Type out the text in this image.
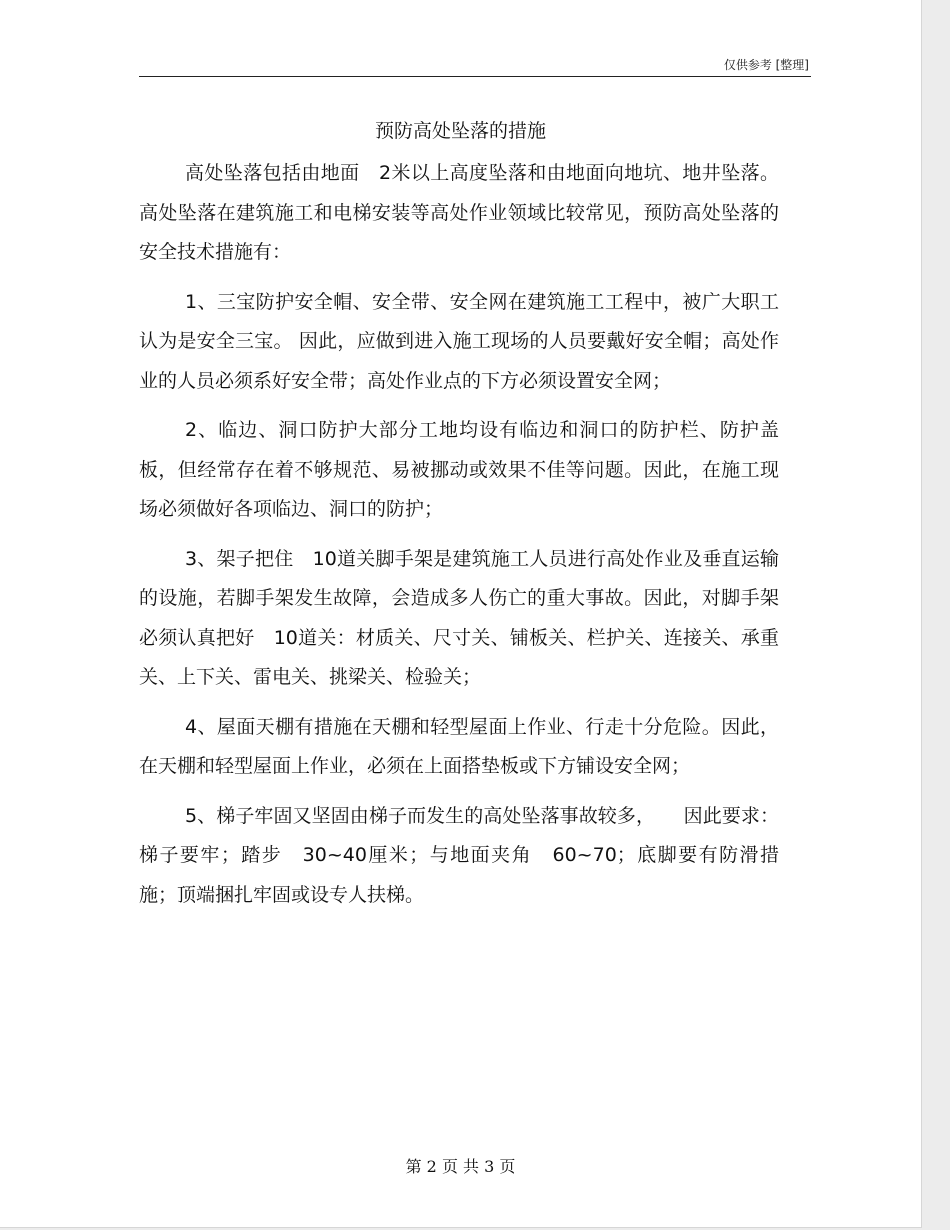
仅供参考 [整理]
预防高处坠落的措施

高处坠落包括由地面　2米以上高度坠落和由地面向地坑、地井坠落。高处坠落在建筑施工和电梯安装等高处作业领域比较常见，预防高处坠落的安全技术措施有：

1、三宝防护安全帽、安全带、安全网在建筑施工工程中，被广大职工认为是安全三宝。 因此，应做到进入施工现场的人员要戴好安全帽；高处作业的人员必须系好安全带；高处作业点的下方必须设置安全网；

2、临边、洞口防护大部分工地均设有临边和洞口的防护栏、防护盖板，但经常存在着不够规范、易被挪动或效果不佳等问题。因此，在施工现场必须做好各项临边、洞口的防护；

3、架子把住　10道关脚手架是建筑施工人员进行高处作业及垂直运输的设施，若脚手架发生故障，会造成多人伤亡的重大事故。因此，对脚手架必须认真把好　10道关：材质关、尺寸关、铺板关、栏护关、连接关、承重关、上下关、雷电关、挑梁关、检验关；

4、屋面天棚有措施在天棚和轻型屋面上作业、行走十分危险。因此，在天棚和轻型屋面上作业，必须在上面搭垫板或下方铺设安全网；

5、梯子牢固又坚固由梯子而发生的高处坠落事故较多，　　因此要求：梯子要牢；踏步　30~40厘米；与地面夹角　60~70；底脚要有防滑措施；顶端捆扎牢固或设专人扶梯。

第 2 页 共 3 页
